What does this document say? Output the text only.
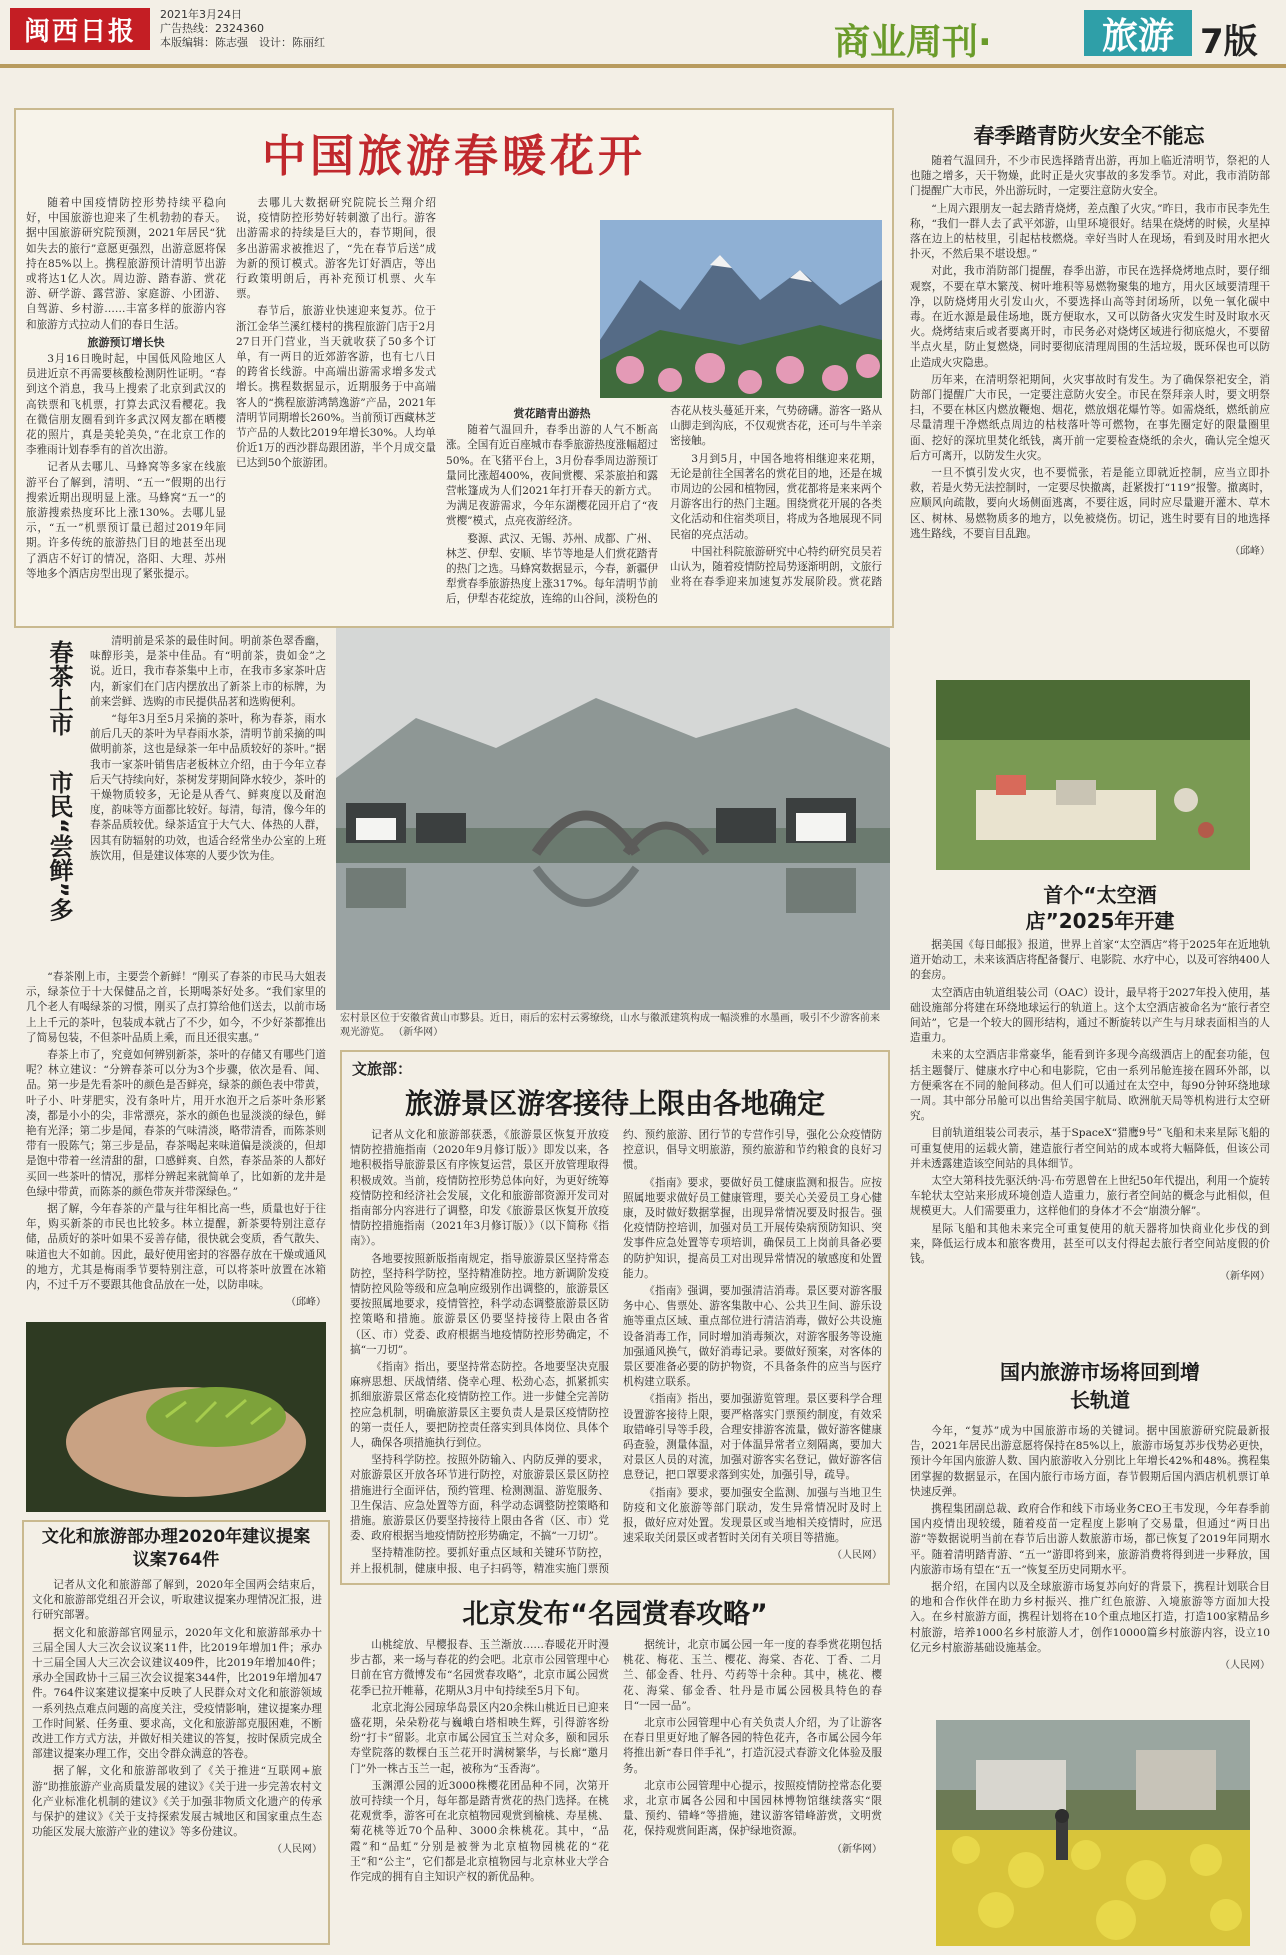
闽西日报
2021年3月24日
广告热线：2324360
本版编辑：陈志强　设计：陈丽红	商业周刊·	旅游 7版
中国旅游春暖花开

随着中国疫情防控形势持续平稳向好，中国旅游也迎来了生机勃勃的春天。据中国旅游研究院预测，2021年居民“犹如失去的旅行”意愿更强烈，出游意愿将保持在85%以上。携程旅游预计清明节出游或将达1亿人次。周边游、踏春游、赏花游、研学游、露营游、家庭游、小团游、自驾游、乡村游……丰富多样的旅游内容和旅游方式拉动人们的春日生活。

旅游预订增长快

3月16日晚时起，中国低风险地区人员进近京不再需要核酸检测阴性证明。“春到这个消息，我马上搜索了北京到武汉的高铁票和飞机票，打算去武汉看樱花。我在微信朋友圈看到许多武汉网友都在晒樱花的照片，真是美轮美奂，”在北京工作的李雅雨计划春季有的首次出游。

记者从去哪儿、马蜂窝等多家在线旅游平台了解到，清明、“五一”假期的出行搜索近期出现明显上涨。马蜂窝“五一”的旅游搜索热度环比上涨130%。去哪儿显示，“五一”机票预订量已超过2019年同期。许多传统的旅游热门目的地甚至出现了酒店不好订的情况，洛阳、大理、苏州等地多个酒店房型出现了紧张提示。

去哪儿大数据研究院院长兰翔介绍说，疫情防控形势好转刺激了出行。游客出游需求的持续是巨大的，春节期间，很多出游需求被推迟了，“先在春节后送”成为新的预订模式。游客先订好酒店，等出行政策明朗后，再补充预订机票、火车票。

春节后，旅游业快速迎来复苏。位于浙江金华兰溪红楼村的携程旅游门店于2月27日开门营业，当天就收获了50多个订单，有一两日的近郊游客游，也有七八日的跨省长线游。中高端出游需求增多发式增长。携程数据显示，近期服务于中高端客人的“携程旅游鸿鹄逸游”产品，2021年清明节同期增长260%。当前预订西藏林芝节产品的人数比2019年增长30%。人均单价近1万的西沙群岛跟团游，半个月成交量已达到50个旅游团。

赏花踏青出游热

随着气温回升，春季出游的人气不断高涨。全国有近百座城市春季旅游热度涨幅超过50%。在飞猪平台上，3月份春季周边游预订量同比涨超400%，夜间赏樱、采茶旅拍和露营帐篷成为人们2021年打开春天的新方式。为满足夜游需求，今年东湖樱花园开启了“夜赏樱”模式，点亮夜游经济。

婺源、武汉、无锡、苏州、成都、广州、林芝、伊犁、安顺、毕节等地是人们赏花踏青的热门之选。马蜂窝数据显示，今春，新疆伊犁赏春季旅游热度上涨317%。每年清明节前后，伊犁杏花绽放，连绵的山谷间，淡粉色的杏花从枝头蔓延开来，气势磅礴。游客一路从山脚走到沟底，不仅观赏杏花，还可与牛羊亲密接触。

3月到5月，中国各地将相继迎来花期，无论是前往全国著名的赏花目的地，还是在城市周边的公园和植物园，赏花都将是来来两个月游客出行的热门主题。围绕赏花开展的各类文化活动和住宿类项目，将成为各地展现不同民宿的亮点活动。

中国社科院旅游研究中心特约研究员吴若山认为，随着疫情防控局势逐渐明朗，文旅行业将在春季迎来加速复苏发展阶段。赏花踏

春茶上市
市民“尝鲜”多

清明前是采茶的最佳时间。明前茶色翠香幽，味醇形美，是茶中佳品。有“明前茶，贵如金”之说。近日，我市春茶集中上市，在我市多家茶叶店内，新家们在门店内摆放出了新茶上市的标牌，为前来尝鲜、选购的市民提供品茗和选购便利。

“每年3月至5月采摘的茶叶，称为春茶，雨水前后几天的茶叶为早春雨水茶，清明节前采摘的叫做明前茶，这也是绿茶一年中品质较好的茶叶。”据我市一家茶叶销售店老板林立介绍，由于今年立春后天气持续向好，茶树发芽期间降水较少，茶叶的干燥物质较多，无论是从香气、鲜爽度以及耐泡度，韵味等方面都比较好。每清，每清，像今年的春茶品质较优。绿茶适宜于大气大、体热的人群，因其有防辐射的功效，也适合经常坐办公室的上班族饮用，但是建议体寒的人要少饮为佳。

“春茶刚上市，主要尝个新鲜！”刚买了春茶的市民马大姐表示，绿茶位于十大保健品之首，长期喝茶好处多。“我们家里的几个老人有喝绿茶的习惯，刚买了点打算给他们送去，以前市场上上千元的茶叶，包装成本就占了不少，如今，不少好茶都推出了简易包装，不但茶叶品质上乘，而且还很实惠。”

春茶上市了，究竟如何辨别新茶，茶叶的存储又有哪些门道呢？林立建议：“分辨春茶可以分为3个步骤，依次是看、闻、品。第一步是先看茶叶的颜色是否鲜亮，绿茶的颜色表中带黄，叶子小、叶芽肥实，没有条叶片，用开水泡开之后茶叶条形紧凑，都是小小的尖，非常漂亮，茶水的颜色也显淡淡的绿色，鲜艳有光泽；第二步是闻，春茶的气味清淡，略带清香，而陈茶则带有一股陈气；第三步是品，春茶喝起来味道偏是淡淡的，但却是饱中带着一丝清甜的甜，口感鲜爽、自然，春茶品茶的人都好买回一些茶叶的情况，那样分辨起来就简单了，比如新的龙井是色绿中带黄，而陈茶的颜色带灰并带深绿色。”

据了解，今年春茶的产量与往年相比高一些，质量也好于往年，购买新茶的市民也比较多。林立提醒，新茶要特别注意存储，品质好的茶叶如果不妥善存储，很快就会变质，香气散失、味道也大不如前。因此，最好使用密封的容器存放在干燥或通风的地方，尤其是梅雨季节要特别注意，可以将茶叶放置在冰箱内，不过千万不要跟其他食品放在一处，以防串味。

（邱峰）

文化和旅游部办理2020年建议提案议案764件

记者从文化和旅游部了解到，2020年全国两会结束后，文化和旅游部党组召开会议，听取建议提案办理情况汇报，进行研究部署。

据文化和旅游部官网显示，2020年文化和旅游部承办十三届全国人大三次会议议案11件，比2019年增加1件；承办十三届全国人大三次会议建议409件，比2019年增加40件；承办全国政协十三届三次会议提案344件，比2019年增加47件。764件议案建议提案中反映了人民群众对文化和旅游领域一系列热点难点问题的高度关注，受疫情影响，建议提案办理工作时间紧、任务重、要求高，文化和旅游部克服困难，不断改进工作方式方法，并做好相关建议的答复，按时保质完成全部建议提案办理工作，交出令群众满意的答卷。

据了解，文化和旅游部收到了《关于推进“互联网+旅游”助推旅游产业高质量发展的建议》《关于进一步完善农村文化产业标准化机制的建议》《关于加强非物质文化遗产的传承与保护的建议》《关于支持探索发展古城地区和国家重点生态功能区发展大旅游产业的建议》等多份建议。

（人民网）

宏村景区位于安徽省黄山市黟县。近日，雨后的宏村云雾缭绕，山水与徽派建筑构成一幅淡雅的水墨画，吸引不少游客前来观光游览。 （新华网）
文旅部：
旅游景区游客接待上限由各地确定

记者从文化和旅游部获悉，《旅游景区恢复开放疫情防控措施指南（2020年9月修订版）》即发以来，各地积极指导旅游景区有序恢复运营，景区开放管理取得积极成效。当前，疫情防控形势总体向好，为更好统筹疫情防控和经济社会发展，文化和旅游部资源开发司对指南部分内容进行了调整，印发《旅游景区恢复开放疫情防控措施指南（2021年3月修订版）》（以下简称《指南》）。

各地要按照新版指南规定，指导旅游景区坚持常态防控，坚持科学防控，坚持精准防控。地方新调阶发疫情防控风险等级和应急响应级别作出调整的，旅游景区要按照属地要求，疫情管控，科学动态调整旅游景区防控策略和措施。旅游景区仍要坚持接待上限由各省（区、市）党委、政府根据当地疫情防控形势确定，不搞“一刀切”。

《指南》指出，要坚持常态防控。各地要坚决克服麻痹思想、厌战情绪、侥幸心理、松劲心态，抓紧抓实抓细旅游景区常态化疫情防控工作。进一步健全完善防控应急机制，明确旅游景区主要负责人是景区疫情防控的第一责任人，要把防控责任落实到具体岗位、具体个人，确保各项措施执行到位。

坚持科学防控。按照外防输入、内防反弹的要求，对旅游景区开放各环节进行防控，对旅游景区景区防控措施进行全面评估，预约管理、检测测温、游览服务、卫生保洁、应急处置等方面，科学动态调整防控策略和措施。旅游景区仍要坚持接待上限由各省（区、市）党委、政府根据当地疫情防控形势确定，不搞“一刀切”。

坚持精准防控。要抓好重点区域和关键环节防控，并上报机制，健康申报、电子扫码等，精准实施门票预约、预约旅游、团行节的专营作引导，强化公众疫情防控意识，倡导文明旅游，预约旅游和节约粮食的良好习惯。

《指南》要求，要做好员工健康监测和报告。应按照属地要求做好员工健康管理，要关心关爱员工身心健康，及时做好数据掌握，出现异常情况要及时报告。强化疫情防控培训，加强对员工开展传染病预防知识、突发事件应急处置等专项培训，确保员工上岗前具备必要的防护知识，提高员工对出现异常情况的敏感度和处置能力。

《指南》强调，要加强清洁消毒。景区要对游客服务中心、售票处、游客集散中心、公共卫生间、游乐设施等重点区域、重点部位进行清洁消毒，做好公共设施设备消毒工作，同时增加消毒频次，对游客服务等设施加强通风换气，做好消毒记录。要做好预案，对客体的景区要准备必要的防护物资，不具备条件的应当与医疗机构建立联系。

《指南》指出，要加强游览管理。景区要科学合理设置游客接待上限，要严格落实门票预约制度，有效采取错峰引导等手段，合理安排游客流量，做好游客健康码查验，测量体温，对于体温异常者立刻隔离，要加大对景区人员的对流，加强对游客实名登记，做好游客信息登记，把口罩要求落到实处，加强引导，疏导。

《指南》要求，要加强安全监测、加强与当地卫生防疫和文化旅游等部门联动，发生异常情况时及时上报，做好应对处置。发现景区或当地相关疫情时，应迅速采取关闭景区或者暂时关闭有关项目等措施。

（人民网）

北京发布“名园赏春攻略”

山桃绽放、早樱报春、玉兰渐放……春暖花开时漫步古都，来一场与春花的约会吧。北京市公园管理中心日前在官方微博发布“名园赏春攻略”，北京市属公园赏花季已拉开帷幕，花期从3月中旬持续至5月下旬。

北京北海公园琼华岛景区内20余株山桃近日已迎来盛花期，朵朵粉花与巍峨白塔相映生辉，引得游客纷纷“打卡”留影。北京市属公园宜玉兰对众多，颐和园乐寿堂院落的数棵白玉兰花开时满树繁华，与长廊“邀月门”外一株古玉兰一起，被称为“玉香海”。

玉渊潭公园的近3000株樱花团品种不同，次第开放可持续一个月，每年都是踏青赏花的热门选择。在桃花观赏季，游客可在北京植物园观赏到榆桃、寿星桃、菊花桃等近70个品种、3000余株桃花。其中，“品霞”和“品虹”分别是被誉为北京植物园桃花的“花王”和“公主”，它们都是北京植物园与北京林业大学合作完成的拥有自主知识产权的新优品种。

据统计，北京市属公园一年一度的春季赏花期包括桃花、梅花、玉兰、樱花、海棠、杏花、丁香、二月兰、郁金香、牡丹、芍药等十余种。其中，桃花、樱花、海棠、郁金香、牡丹是市属公园极具特色的春日“一园一品”。

北京市公园管理中心有关负责人介绍，为了让游客在春日里更好地了解各园的特色花卉，各市属公园今年将推出新“春日伴手礼”，打造沉浸式春游文化体验及服务。

北京市公园管理中心提示，按照疫情防控常态化要求，北京市属各公园和中国园林博物馆继续落实“限量、预约、错峰”等措施，建议游客错峰游赏，文明赏花，保持观赏间距离，保护绿地资源。

（新华网）

春季踏青防火安全不能忘

随着气温回升，不少市民选择踏青出游，再加上临近清明节，祭祀的人也随之增多，天干物燥，此时正是火灾事故的多发季节。对此，我市消防部门提醒广大市民，外出游玩时，一定要注意防火安全。

“上周六跟朋友一起去踏青烧烤，差点酿了火灾。”昨日，我市市民李先生称，“我们一群人去了武平郊游，山里环境很好。结果在烧烤的时候，火星掉落在边上的枯枝里，引起枯枝燃烧。幸好当时人在现场，看到及时用水把火扑灭，不然后果不堪设想。”

对此，我市消防部门提醒，春季出游，市民在选择烧烤地点时，要仔细观察，不要在草木繁茂、树叶堆积等易燃物聚集的地方，用火区域要清理干净，以防烧烤用火引发山火，不要选择山高等封闭场所，以免一氧化碳中毒。在近水源是最佳场地，既方便取水，又可以防备火灾发生时及时取水灭火。烧烤结束后或者要离开时，市民务必对烧烤区域进行彻底熄火，不要留半点火星，防止复燃烧，同时要彻底清理周围的生活垃圾，既环保也可以防止造成火灾隐患。

历年来，在清明祭祀期间，火灾事故时有发生。为了确保祭祀安全，消防部门提醒广大市民，一定要注意防火安全。市民在祭拜亲人时，要文明祭扫，不要在林区内燃放鞭炮、烟花，燃放烟花爆竹等。如需烧纸，燃纸前应尽量清理干净燃纸点周边的枯枝落叶等可燃物，在事先圈定好的限量圈里面、挖好的深坑里焚化纸钱，离开前一定要检查烧纸的余火，确认完全熄灭后方可离开，以防发生火灾。

一旦不慎引发火灾，也不要慌张，若是能立即就近控制，应当立即扑救，若是火势无法控制时，一定要尽快撤离，赶紧拨打“119”报警。撤离时，应顺风向疏散，要向火场侧面逃离，不要往返，同时应尽量避开灌木、草木区、树林、易燃物质多的地方，以免被烧伤。切记，逃生时要有目的地选择逃生路线，不要盲目乱跑。

（邱峰）

首个“太空酒店”2025年开建

据美国《每日邮报》报道，世界上首家“太空酒店”将于2025年在近地轨道开始动工，未来该酒店将配备餐厅、电影院、水疗中心，以及可容纳400人的套房。

太空酒店由轨道组装公司（OAC）设计，最早将于2027年投入使用，基础设施部分将建在环绕地球运行的轨道上。这个太空酒店被命名为“旅行者空间站”，它是一个较大的圆形结构，通过不断旋转以产生与月球表面相当的人造重力。

未来的太空酒店非常豪华，能看到许多现今高级酒店上的配套功能，包括主题餐厅、健康水疗中心和电影院，它由一系列吊舱连接在圆环外部，以方便乘客在不同的舱间移动。但人们可以通过在太空中，每90分钟环绕地球一周。其中部分吊舱可以出售给美国宇航局、欧洲航天局等机构进行太空研究。

目前轨道组装公司表示，基于SpaceX“猎鹰9号”飞船和未来星际飞船的可重复使用的运载火箭，建造旅行者空间站的成本或将大幅降低，但该公司并未透露建造该空间站的具体细节。

太空大第科技先驱沃纳·冯·布劳恩曾在上世纪50年代提出，利用一个旋转车轮状太空站来形成环境创造人造重力，旅行者空间站的概念与此相似，但规模更大。人们需要重力，这样他们的身体才不会“崩溃分解”。

星际飞船和其他未来完全可重复使用的航天器将加快商业化步伐的到来，降低运行成本和旅客费用，甚至可以支付得起去旅行者空间站度假的价钱。

（新华网）

国内旅游市场将回到增长轨道

今年，“复苏”成为中国旅游市场的关键词。据中国旅游研究院最新报告，2021年居民出游意愿将保持在85%以上，旅游市场复苏步伐势必更快，预计今年国内旅游人数、国内旅游收入分别比上年增长42%和48%。携程集团掌握的数据显示，在国内旅行市场方面，春节假期后国内酒店机机票订单快速反弹。

携程集团副总裁、政府合作和线下市场业务CEO王韦发现，今年春季前国内疫情出现较缓，随着疫苗一定程度上影响了交易量，但通过“两日出游”等数据说明当前在春节后出游人数旅游市场，都已恢复了2019年同期水平。随着清明踏青游、“五一”游即将到来，旅游消费将得到进一步释放，国内旅游市场有望在“五一”恢复至历史同期水平。

据介绍，在国内以及全球旅游市场复苏向好的背景下，携程计划联合目的地和合作伙伴在助力乡村振兴、推广红色旅游、入境旅游等方面加大投入。在乡村旅游方面，携程计划将在10个重点地区打造，打造100家精品乡村旅游，培养1000名乡村旅游人才，创作10000篇乡村旅游内容，设立10亿元乡村旅游基础设施基金。

（人民网）
